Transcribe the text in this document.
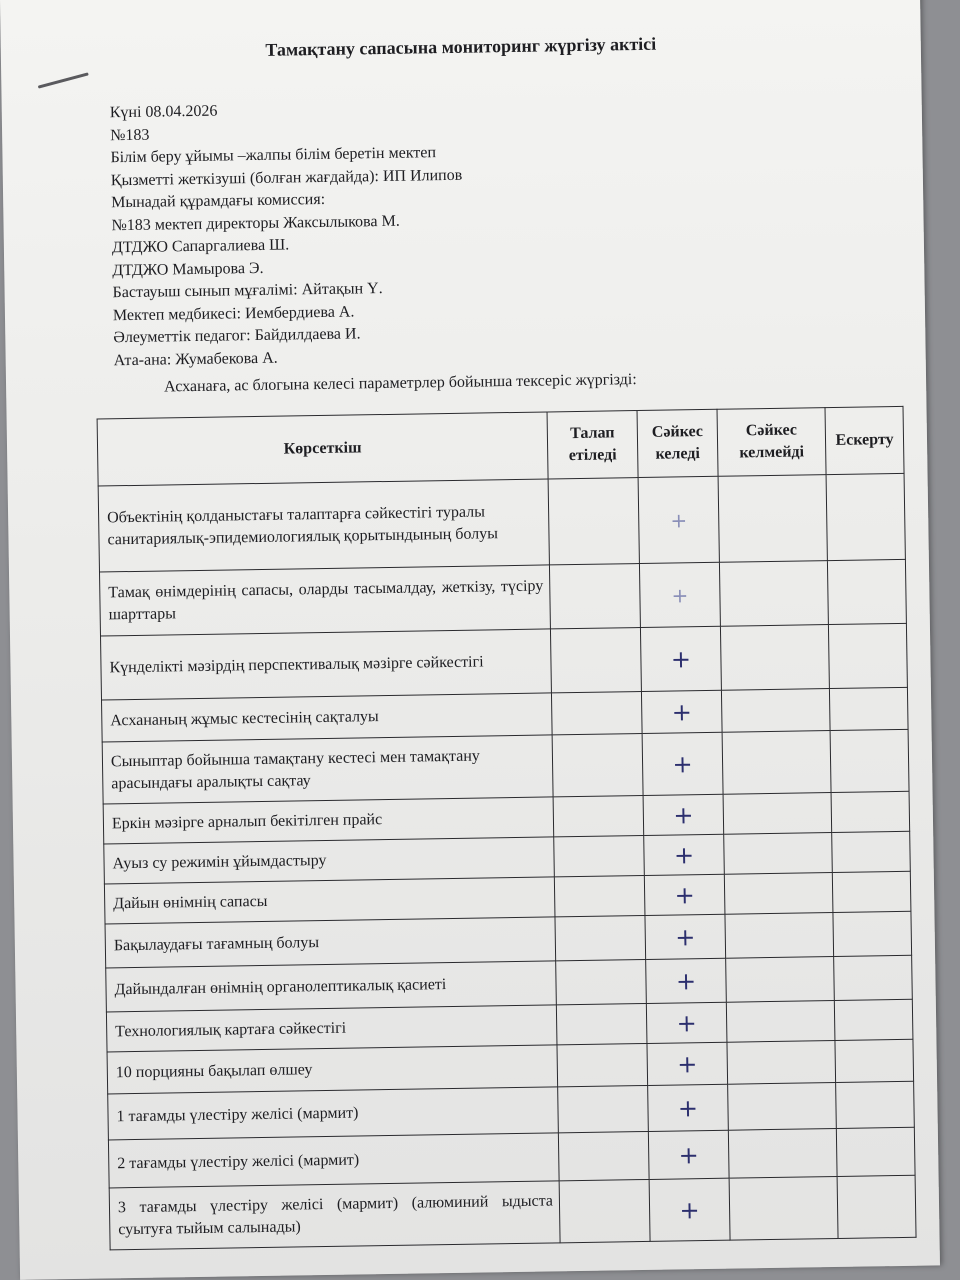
Тамақтану сапасына мониторинг жүргізу актісі
Күні 08.04.2026
№183
Білім беру ұйымы –жалпы білім беретін мектеп
Қызметті жеткізуші (болған жағдайда): ИП Илипов
Мынадай құрамдағы комиссия:
№183 мектеп директоры Жаксылыкова М.
ДТДЖО Сапаргалиева Ш.
ДТДЖО Мамырова Э.
Бастауыш сынып мұғалімі: Айтақын Ү.
Мектеп медбикесі: Иембердиева А.
Әлеуметтік педагог: Байдилдаева И.
Ата-ана: Жумабекова А.
Асханаға, ас блогына келесі параметрлер бойынша тексеріс жүргізді:
Көрсеткіш	Талап етіледі	Сәйкес келеді	Сәйкес келмейді	Ескерту
Объектінің қолданыстағы талаптарға сәйкестігі туралы санитариялық-эпидемиологиялық қорытындының болуы		+		
Тамақ өнімдерінің сапасы, оларды тасымалдау, жеткізу, түсіру шарттары		+		
Күнделікті мәзірдің перспективалық мәзірге сәйкестігі		+		
Асхананың жұмыс кестесінің сақталуы		+		
Сыныптар бойынша тамақтану кестесі мен тамақтану арасындағы аралықты сақтау		+		
Еркін мәзірге арналып бекітілген прайс		+		
Ауыз су режимін ұйымдастыру		+		
Дайын өнімнің сапасы		+		
Бақылаудағы тағамның болуы		+		
Дайындалған өнімнің органолептикалық қасиеті		+		
Технологиялық картаға сәйкестігі		+		
10 порцияны бақылап өлшеу		+		
1 тағамды үлестіру желісі (мармит)		+		
2 тағамды үлестіру желісі (мармит)		+		
3 тағамды үлестіру желісі (мармит) (алюминий ыдыста суытуға тыйым салынады)		+		
